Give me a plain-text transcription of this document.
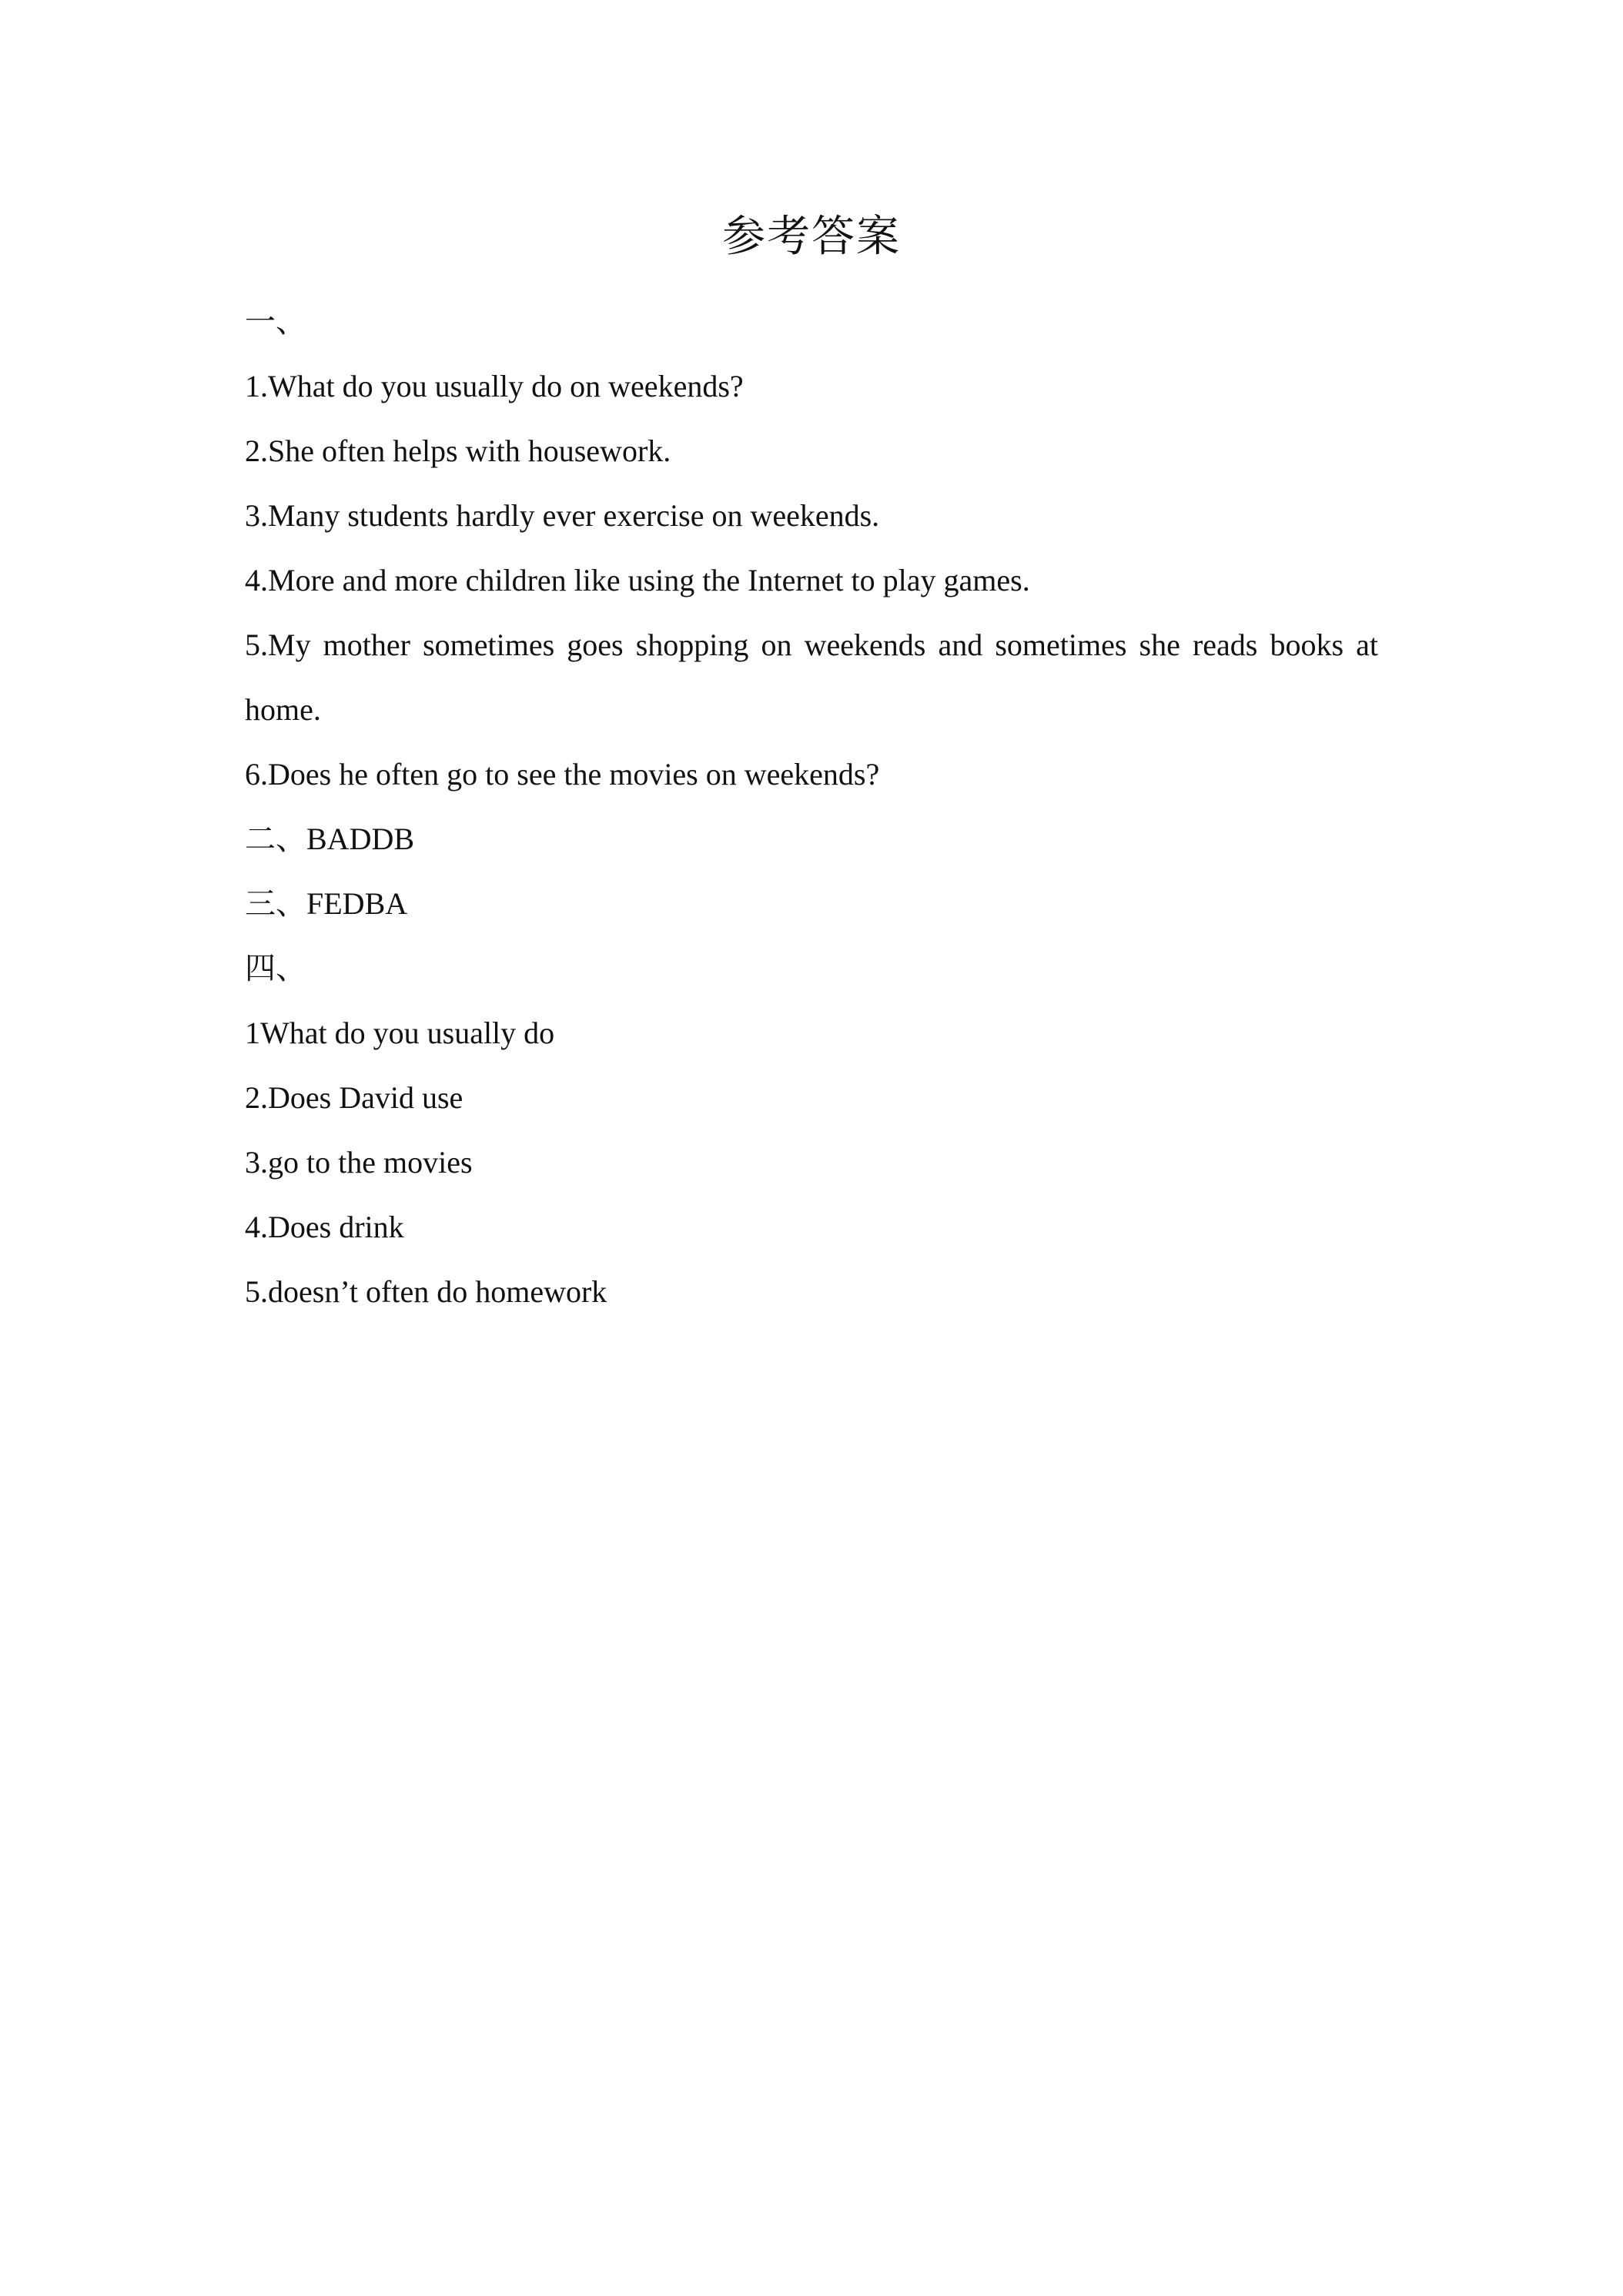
参考答案
一、
1.What do you usually do on weekends?
2.She often helps with housework.
3.Many students hardly ever exercise on weekends.
4.More and more children like using the Internet to play games.
5.My mother sometimes goes shopping on weekends and sometimes she reads books at home.
6.Does he often go to see the movies on weekends?
二、BADDB
三、FEDBA
四、
1What do you usually do
2.Does David use
3.go to the movies
4.Does drink
5.doesn’t often do homework
